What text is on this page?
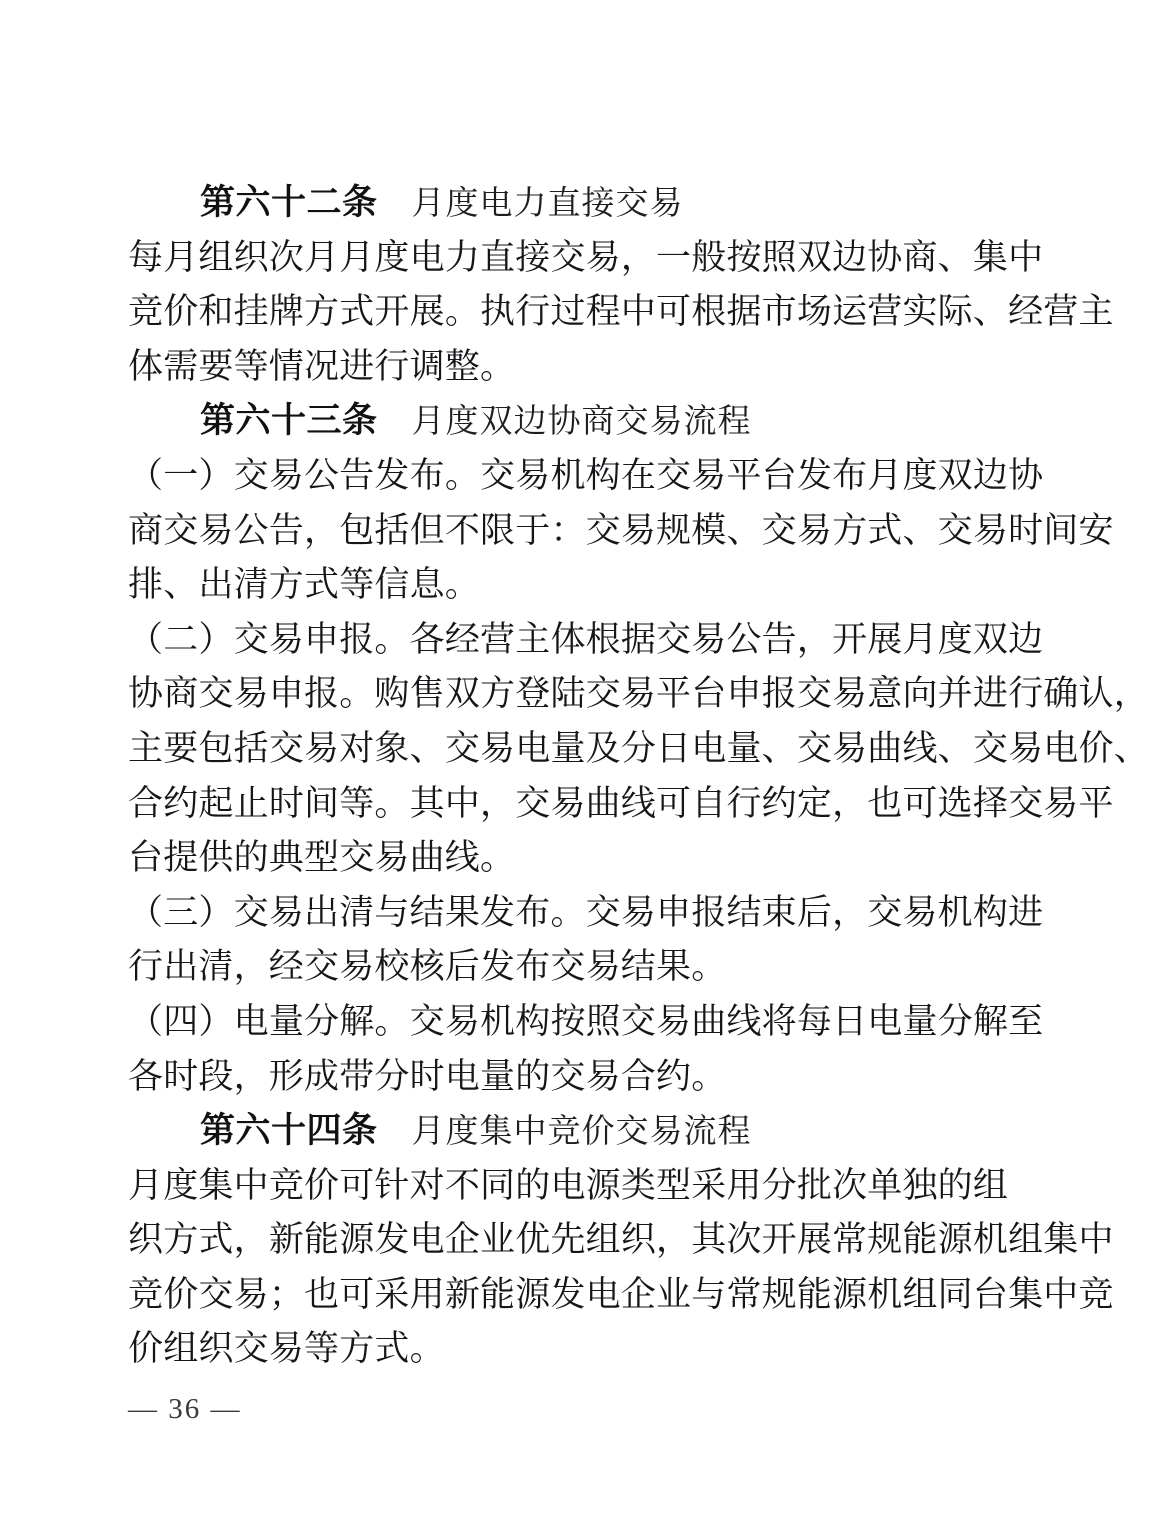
第六十二条 月度电力直接交易
每 月 组 织 次 月 月 度 电 力 直 接 交 易 ， 一 般 按 照 双 边 协 商 、 集 中
竞 价 和 挂 牌 方 式 开 展 。 执 行 过 程 中 可 根 据 市 场 运 营 实 际 、 经 营 主
体需要等情况进行调整。
第六十三条 月度双边协商交易流程
（ 一 ） 交 易 公 告 发 布 。 交 易 机 构 在 交 易 平 台 发 布 月 度 双 边 协
商 交 易 公 告 ， 包 括 但 不 限 于 ： 交 易 规 模 、 交 易 方 式 、 交 易 时 间 安
排、出清方式等信息。
（ 二 ） 交 易 申 报 。 各 经 营 主 体 根 据 交 易 公 告 ， 开 展 月 度 双 边
协 商 交 易 申 报 。 购 售 双 方 登 陆 交 易 平 台 申 报 交 易 意 向 并 进 行 确 认 ，
主 要 包 括 交 易 对 象 、 交 易 电 量 及 分 日 电 量 、 交 易 曲 线 、 交 易 电 价 、
合 约 起 止 时 间 等 。 其 中 ， 交 易 曲 线 可 自 行 约 定 ， 也 可 选 择 交 易 平
台提供的典型交易曲线。
（ 三 ） 交 易 出 清 与 结 果 发 布 。 交 易 申 报 结 束 后 ， 交 易 机 构 进
行出清，经交易校核后发布交易结果。
（ 四 ） 电 量 分 解 。 交 易 机 构 按 照 交 易 曲 线 将 每 日 电 量 分 解 至
各时段，形成带分时电量的交易合约。
第六十四条 月度集中竞价交易流程
月 度 集 中 竞 价 可 针 对 不 同 的 电 源 类 型 采 用 分 批 次 单 独 的 组
织 方 式 ， 新 能 源 发 电 企 业 优 先 组 织 ， 其 次 开 展 常 规 能 源 机 组 集 中
竞 价 交 易 ； 也 可 采 用 新 能 源 发 电 企 业 与 常 规 能 源 机 组 同 台 集 中 竞
价组织交易等方式。
— 36 —
